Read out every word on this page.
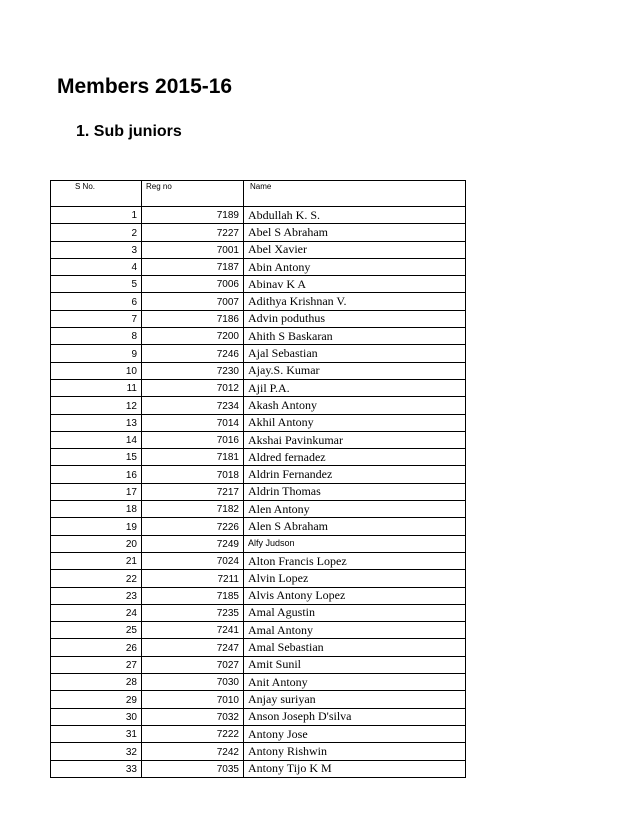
Members 2015-16
1. Sub juniors
S No.	Reg no	Name
1	7189	Abdullah K. S.
2	7227	Abel S Abraham
3	7001	Abel Xavier
4	7187	Abin Antony
5	7006	Abinav K A
6	7007	Adithya Krishnan V.
7	7186	Advin poduthus
8	7200	Ahith S Baskaran
9	7246	Ajal Sebastian
10	7230	Ajay.S. Kumar
11	7012	Ajil P.A.
12	7234	Akash Antony
13	7014	Akhil Antony
14	7016	Akshai Pavinkumar
15	7181	Aldred fernadez
16	7018	Aldrin Fernandez
17	7217	Aldrin Thomas
18	7182	Alen Antony
19	7226	Alen S Abraham
20	7249	Alfy Judson
21	7024	Alton Francis Lopez
22	7211	Alvin Lopez
23	7185	Alvis Antony Lopez
24	7235	Amal Agustin
25	7241	Amal Antony
26	7247	Amal Sebastian
27	7027	Amit Sunil
28	7030	Anit Antony
29	7010	Anjay suriyan
30	7032	Anson Joseph D'silva
31	7222	Antony Jose
32	7242	Antony Rishwin
33	7035	Antony Tijo K M
